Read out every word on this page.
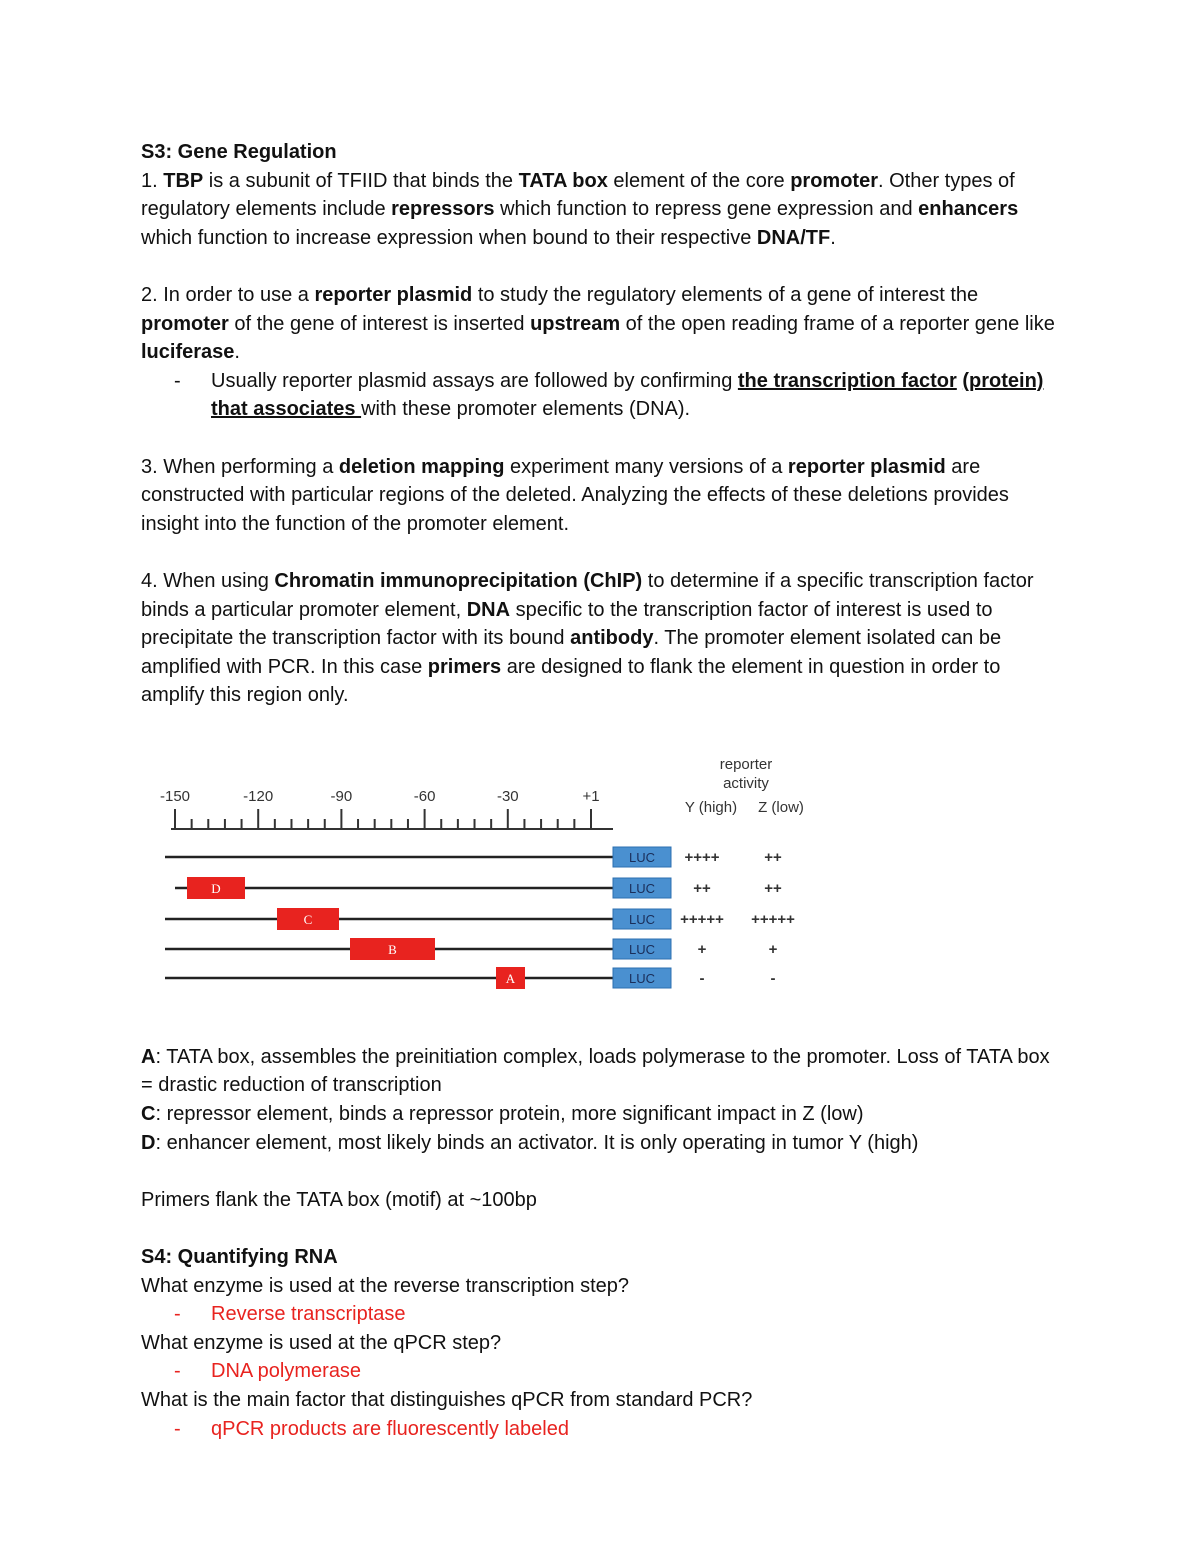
S3: Gene Regulation

1. TBP is a subunit of TFIID that binds the TATA box element of the core promoter. Other types of regulatory elements include repressors which function to repress gene expression and enhancers which function to increase expression when bound to their respective DNA/TF.

2. In order to use a reporter plasmid to study the regulatory elements of a gene of interest the promoter of the gene of interest is inserted upstream of the open reading frame of a reporter gene like luciferase.

- Usually reporter plasmid assays are followed by confirming the transcription factor (protein) that associates with these promoter elements (DNA).

3. When performing a deletion mapping experiment many versions of a reporter plasmid are constructed with particular regions of the deleted. Analyzing the effects of these deletions provides insight into the function of the promoter element.

4. When using Chromatin immunoprecipitation (ChIP) to determine if a specific transcription factor binds a particular promoter element, DNA specific to the transcription factor of interest is used to precipitate the transcription factor with its bound antibody. The promoter element isolated can be amplified with PCR. In this case primers are designed to flank the element in question in order to amplify this region only.

reporter
activity
Y (high) Z (low)
-150	-120	-90	-60	-30	+1
LUC ++++	++
D	LUC	++	++
C	LUC +++++ +++++
B	LUC	+	+
A	LUC	-	-

A: TATA box, assembles the preinitiation complex, loads polymerase to the promoter. Loss of TATA box = drastic reduction of transcription

C: repressor element, binds a repressor protein, more significant impact in Z (low)

D: enhancer element, most likely binds an activator. It is only operating in tumor Y (high)

Primers flank the TATA box (motif) at ~100bp

S4: Quantifying RNA

What enzyme is used at the reverse transcription step?

- Reverse transcriptase

What enzyme is used at the qPCR step?

- DNA polymerase

What is the main factor that distinguishes qPCR from standard PCR?

- qPCR products are fluorescently labeled
